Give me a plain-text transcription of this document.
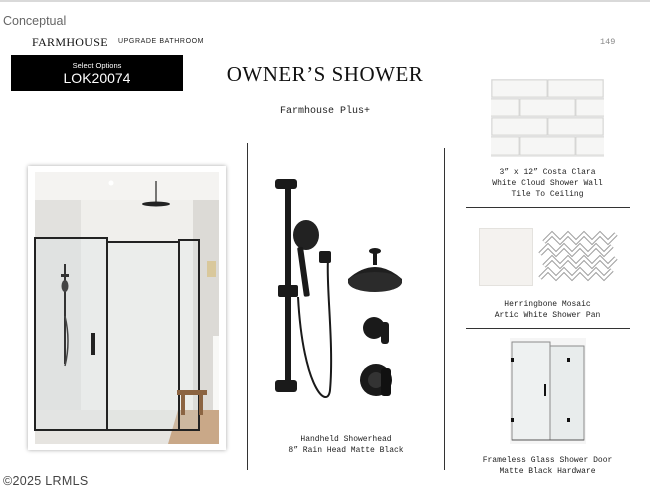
Conceptual
FARMHOUSE UPGRADE BATHROOM	149
Select Options
LOK20074	OWNER’S SHOWER
Farmhouse Plus+
Handheld Showerhead
8” Rain Head Matte Black
3” x 12” Costa Clara
White Cloud Shower Wall
Tile To Ceiling
Herringbone Mosaic
Artic White Shower Pan
Frameless Glass Shower Door
Matte Black Hardware
©2025 LRMLS
